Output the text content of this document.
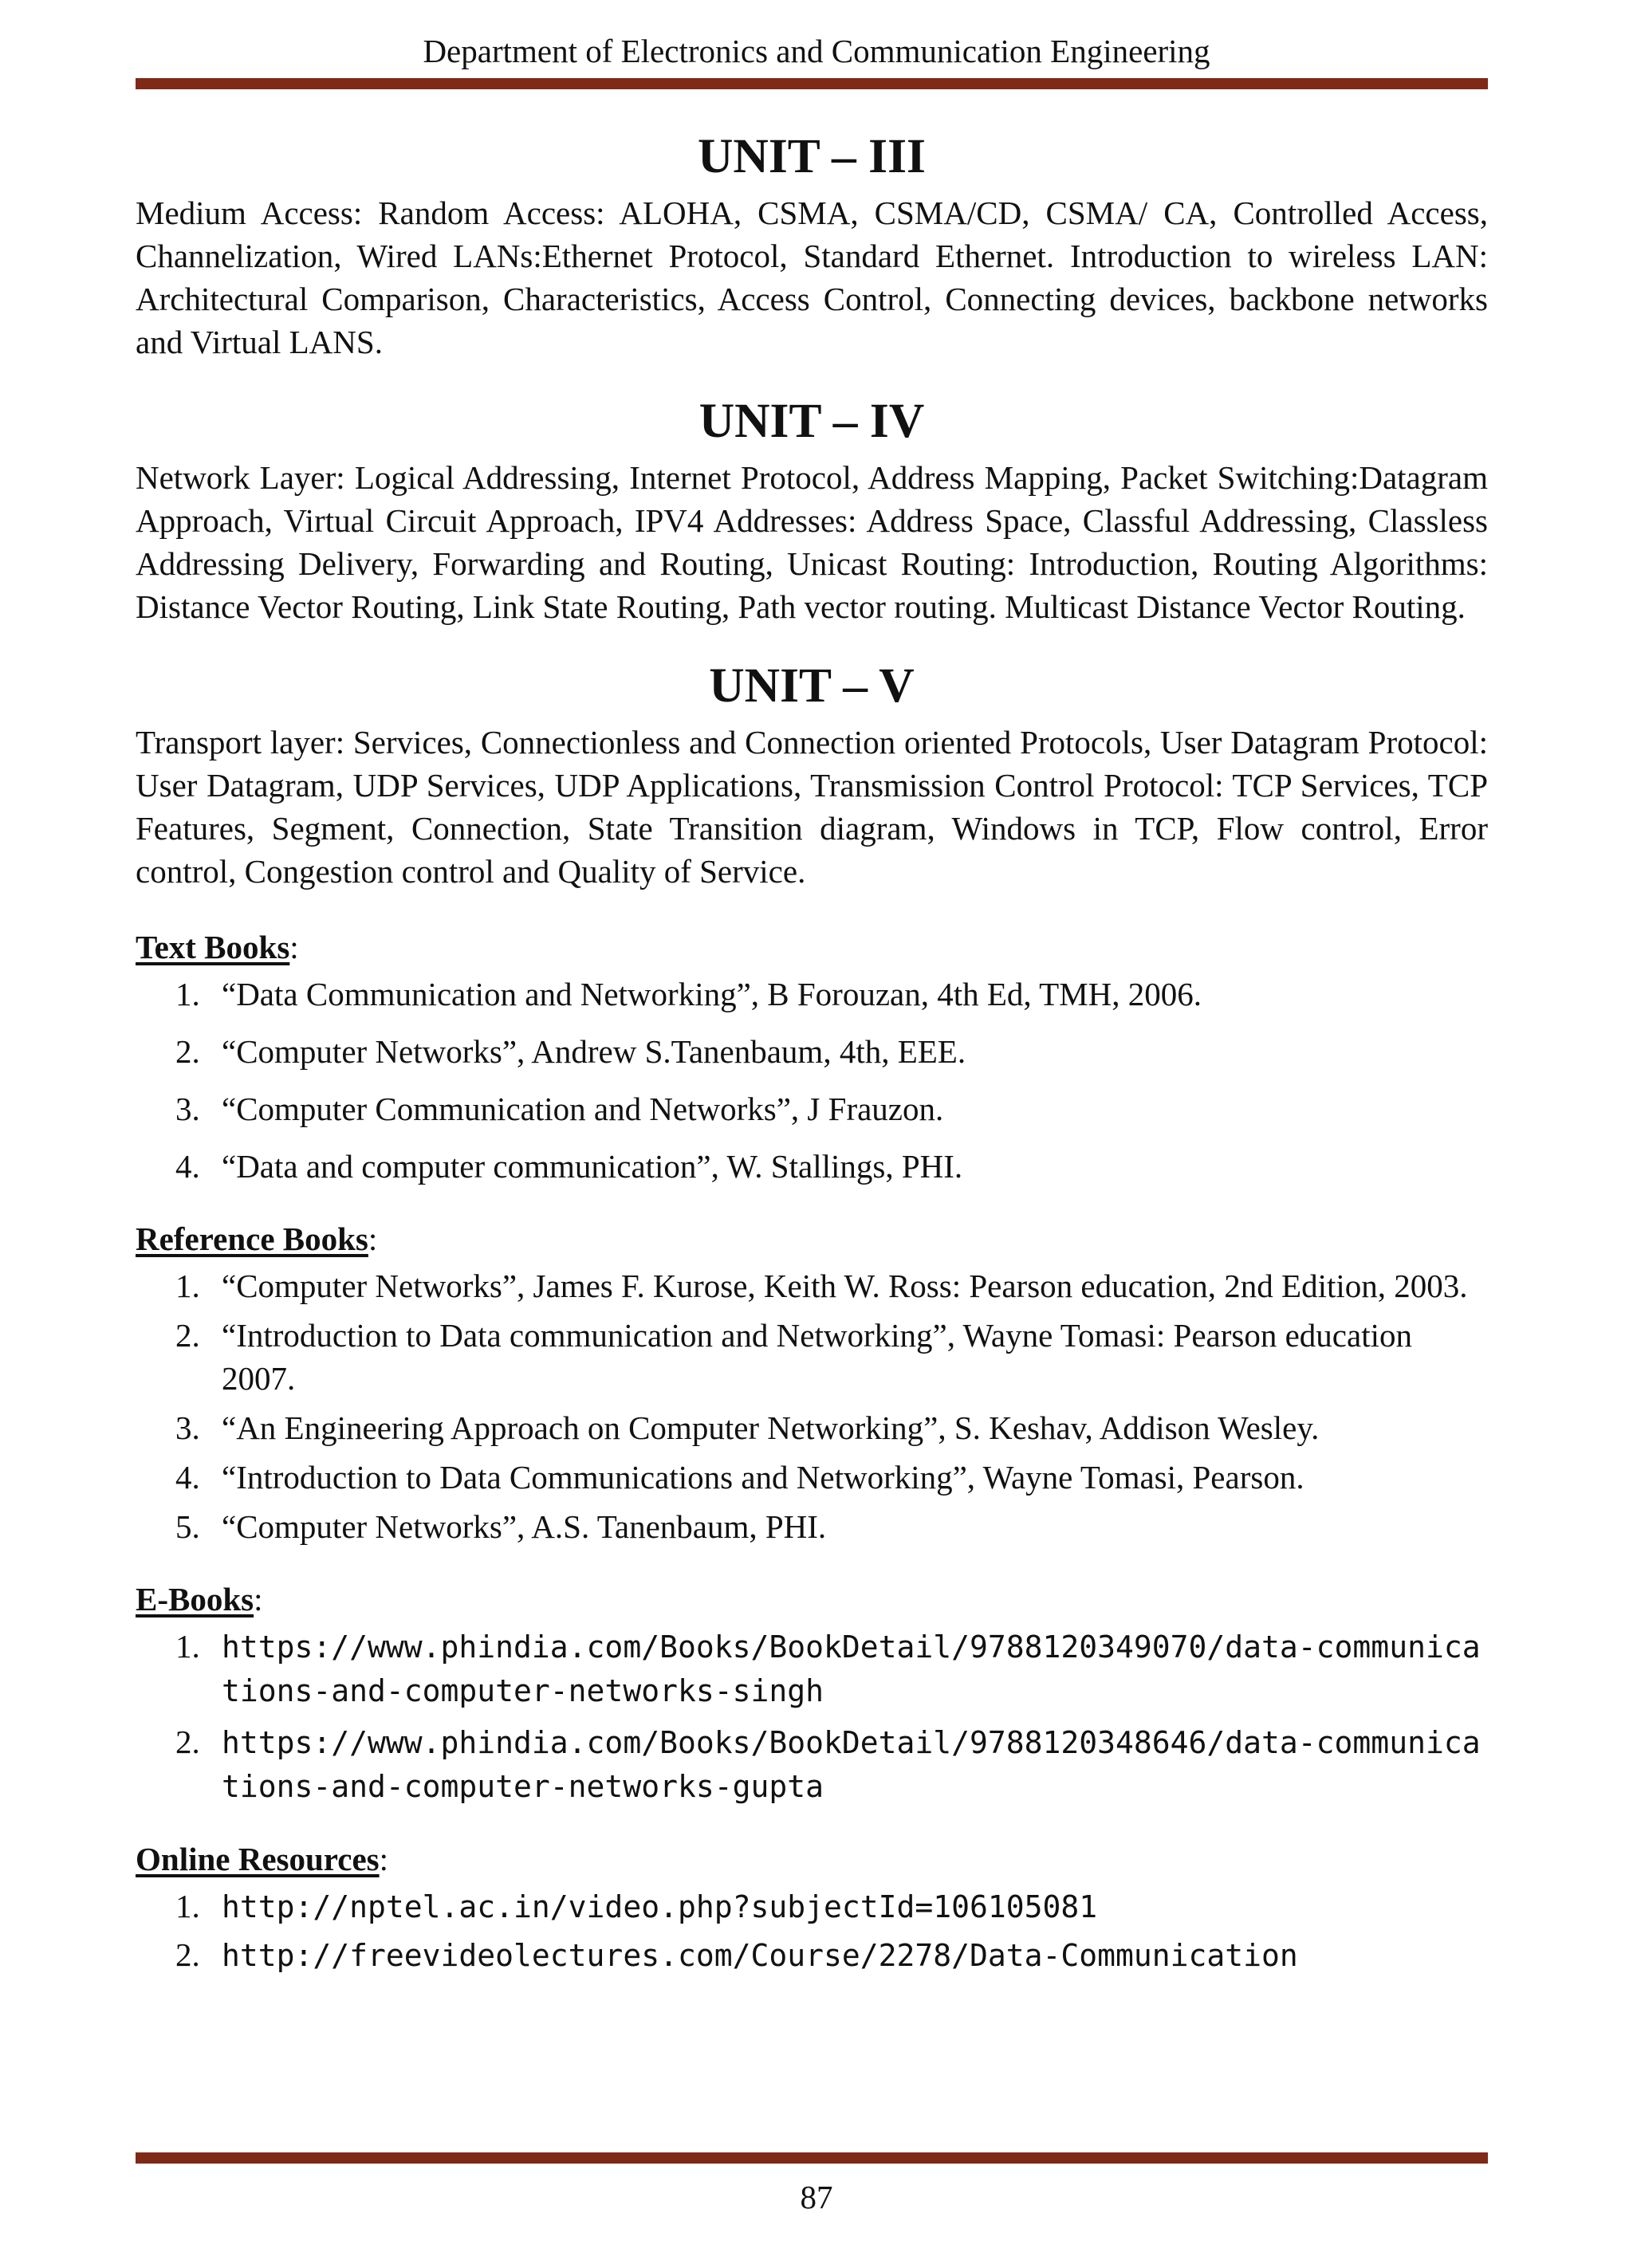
Department of Electronics and Communication Engineering
UNIT – III

Medium Access: Random Access: ALOHA, CSMA, CSMA/CD, CSMA/ CA, Controlled Access, Channelization, Wired LANs:Ethernet Protocol, Standard Ethernet. Introduction to wireless LAN: Architectural Comparison, Characteristics, Access Control, Connecting devices, backbone networks and Virtual LANS.

UNIT – IV

Network Layer: Logical Addressing, Internet Protocol, Address Mapping, Packet Switching:Datagram Approach, Virtual Circuit Approach, IPV4 Addresses: Address Space, Classful Addressing, Classless Addressing Delivery, Forwarding and Routing, Unicast Routing: Introduction, Routing Algorithms: Distance Vector Routing, Link State Routing, Path vector routing. Multicast Distance Vector Routing.

UNIT – V

Transport layer: Services, Connectionless and Connection oriented Protocols, User Datagram Protocol: User Datagram, UDP Services, UDP Applications, Transmission Control Protocol: TCP Services, TCP Features, Segment, Connection, State Transition diagram, Windows in TCP, Flow control, Error control, Congestion control and Quality of Service.

Text Books:

1. “Data Communication and Networking”, B Forouzan, 4th Ed, TMH, 2006.
2. “Computer Networks”, Andrew S.Tanenbaum, 4th, EEE.
3. “Computer Communication and Networks”, J Frauzon.
4. “Data and computer communication”, W. Stallings, PHI.

Reference Books:

1. “Computer Networks”, James F. Kurose, Keith W. Ross: Pearson education, 2nd Edition, 2003.
2. “Introduction to Data communication and Networking”, Wayne Tomasi: Pearson education 2007.
3. “An Engineering Approach on Computer Networking”, S. Keshav, Addison Wesley.
4. “Introduction to Data Communications and Networking”, Wayne Tomasi, Pearson.
5. “Computer Networks”, A.S. Tanenbaum, PHI.

E-Books:

1. https://www.phindia.com/Books/BookDetail/9788120349070/data-communica
tions-and-computer-networks-singh
2. https://www.phindia.com/Books/BookDetail/9788120348646/data-communica
tions-and-computer-networks-gupta

Online Resources:

1. http://nptel.ac.in/video.php?subjectId=106105081
2. http://freevideolectures.com/Course/2278/Data-Communication
87
